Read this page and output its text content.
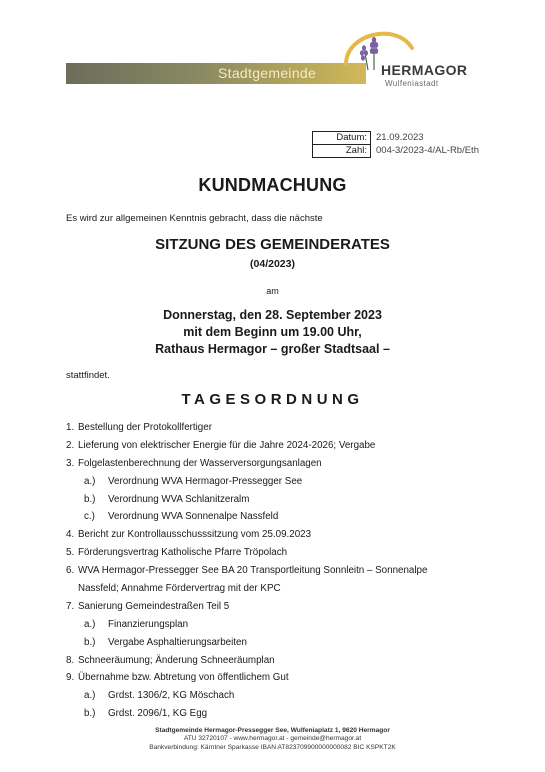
Stadtgemeinde	HERMAGOR
Wulfeniastadt
Datum:	21.09.2023
Zahl:	004-3/2023-4/AL-Rb/Eth
KUNDMACHUNG
Es wird zur allgemeinen Kenntnis gebracht, dass die nächste
SITZUNG DES GEMEINDERATES
(04/2023)
am
Donnerstag, den 28. September 2023
mit dem Beginn um 19.00 Uhr,
Rathaus Hermagor – großer Stadtsaal –
stattfindet.
TAGESORDNUNG
1. Bestellung der Protokollfertiger
2. Lieferung von elektrischer Energie für die Jahre 2024-2026; Vergabe
3. Folgelastenberechnung der Wasserversorgungsanlagen
a.) Verordnung WVA Hermagor-Pressegger See
b.) Verordnung WVA Schlanitzeralm
c.) Verordnung WVA Sonnenalpe Nassfeld
4. Bericht zur Kontrollausschusssitzung vom 25.09.2023
5. Förderungsvertrag Katholische Pfarre Tröpolach
6. WVA Hermagor-Pressegger See BA 20 Transportleitung Sonnleitn – Sonnenalpe
Nassfeld; Annahme Fördervertrag mit der KPC
7. Sanierung Gemeindestraßen Teil 5
a.) Finanzierungsplan
b.) Vergabe Asphaltierungsarbeiten
8. Schneeräumung; Änderung Schneeräumplan
9. Übernahme bzw. Abtretung von öffentlichem Gut
a.) Grdst. 1306/2, KG Möschach
b.) Grdst. 2096/1, KG Egg
Stadtgemeinde Hermagor-Pressegger See, Wulfeniaplatz 1, 9620 Hermagor
ATU 32720107 - www.hermagor.at - gemeinde@hermagor.at
Bankverbindung: Kärntner Sparkasse IBAN AT823709900000000082 BIC KSPKT2K
